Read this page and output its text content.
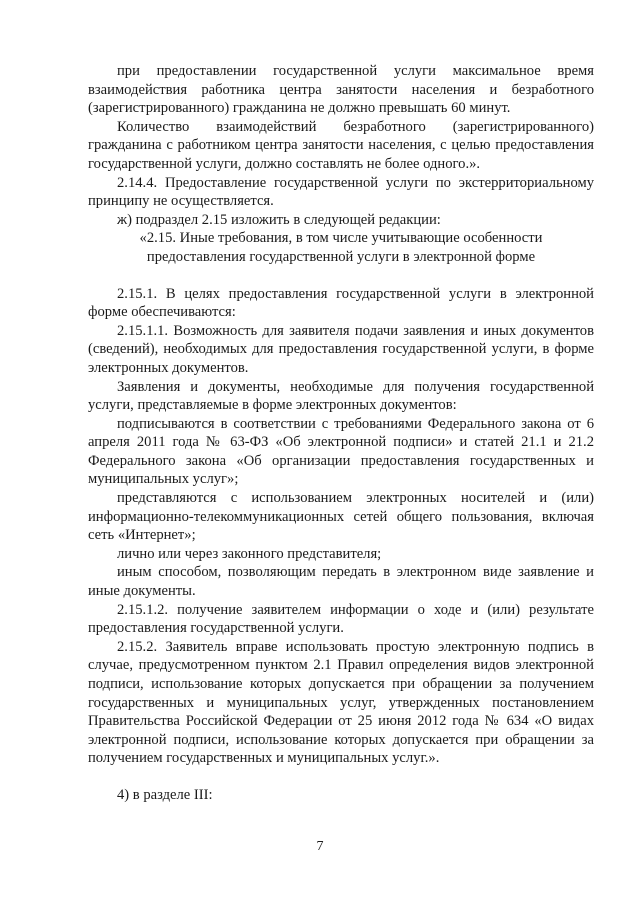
при предоставлении государственной услуги максимальное время взаимодействия работника центра занятости населения и безработного (зарегистрированного) гражданина не должно превышать 60 минут.

Количество взаимодействий безработного (зарегистрированного) гражданина с работником центра занятости населения, с целью предоставления государственной услуги, должно составлять не более одного.».

2.14.4. Предоставление государственной услуги по экстерриториальному принципу не осуществляется.

ж) подраздел 2.15 изложить в следующей редакции:

«2.15. Иные требования, в том числе учитывающие особенности

предоставления государственной услуги в электронной форме

2.15.1. В целях предоставления государственной услуги в электронной форме обеспечиваются:

2.15.1.1. Возможность для заявителя подачи заявления и иных документов (сведений), необходимых для предоставления государственной услуги, в форме электронных документов.

Заявления и документы, необходимые для получения государственной услуги, представляемые в форме электронных документов:

подписываются в соответствии с требованиями Федерального закона от 6 апреля 2011 года № 63-ФЗ «Об электронной подписи» и статей 21.1 и 21.2 Федерального закона «Об организации предоставления государственных и муниципальных услуг»;

представляются с использованием электронных носителей и (или) информационно-телекоммуникационных сетей общего пользования, включая сеть «Интернет»;

лично или через законного представителя;

иным способом, позволяющим передать в электронном виде заявление и иные документы.

2.15.1.2. получение заявителем информации о ходе и (или) результате предоставления государственной услуги.

2.15.2. Заявитель вправе использовать простую электронную подпись в случае, предусмотренном пунктом 2.1 Правил определения видов электронной подписи, использование которых допускается при обращении за получением государственных и муниципальных услуг, утвержденных постановлением Правительства Российской Федерации от 25 июня 2012 года № 634 «О видах электронной подписи, использование которых допускается при обращении за получением государственных и муниципальных услуг.».

4) в разделе III:

7
